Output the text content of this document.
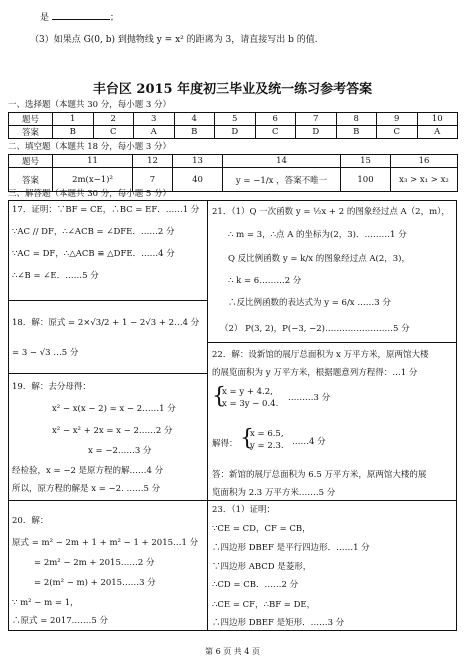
是	；
（3）如果点 G(0, b) 到抛物线 y = x² 的距离为 3，请直接写出 b 的值.
丰台区 2015 年度初三毕业及统一练习参考答案
一、选择题（本题共 30 分，每小题 3 分）
题号	1	2	3	4	5	6	7	8	9	10
答案	B	C	A	B	D	C	D	B	C	A
二、填空题（本题共 18 分，每小题 3 分）
题号	11	12	13	14	15	16
答案	2m(x−1)²	7	40	y = −1/x ，答案不唯一	100	x₃ > x₁ > x₂
三、解答题（本题共 30 分，每小题 5 分）
17．证明：∵BF = CE，∴BC = EF．……1 分
∵AC // DF，∴∠ACB = ∠DFE．……2 分
∵AC = DF，∴△ACB ≌ △DFE．……4 分
∴∠B = ∠E．……5 分
18．解：原式 = 2×√3/2 + 1 − 2√3 + 2…4 分
= 3 − √3 …5 分
19．解：去分母得：
x² − x(x − 2) = x − 2……1 分
x² − x² + 2x = x − 2……2 分
x = −2……3 分
经检验，x = −2 是原方程的解……4 分
所以，原方程的解是 x = −2. ……5 分
20．解：
原式 = m² − 2m + 1 + m² − 1 + 2015…1 分
= 2m² − 2m + 2015……2 分
= 2(m² − m) + 2015……3 分
∵ m² − m = 1，
∴原式 = 2017.……5 分
21．（1）Q 一次函数 y = ½x + 2 的图象经过点 A（2，m），
∴ m = 3，∴点 A 的坐标为(2，3)．………1 分
Q 反比例函数 y = k/x 的图象经过点 A(2，3)，
∴ k = 6………2 分
∴反比例函数的表达式为 y = 6/x ……3 分
（2） P(3, 2)，P(−3, −2)……………………5 分
22．解：设新馆的展厅总面积为 x 万平方米，原两馆大楼
的展览面积为 y 万平方米，根据题意列方程得：…1 分
{
x = y + 4.2,
x = 3y − 0.4.
………3 分
解得： {
x = 6.5,
y = 2.3. ……4 分
答：新馆的展厅总面积为 6.5 万平方米，原两馆大楼的展
览面积为 2.3 万平方米.……5 分
23．（1）证明：
∵CE = CD，CF = CB，
∴四边形 DBEF 是平行四边形．……1 分
∵四边形 ABCD 是菱形，
∴CD = CB．……2 分
∴CE = CF，∴BF = DE，
∴四边形 DBEF 是矩形．……3 分
第 6 页 共 4 页
